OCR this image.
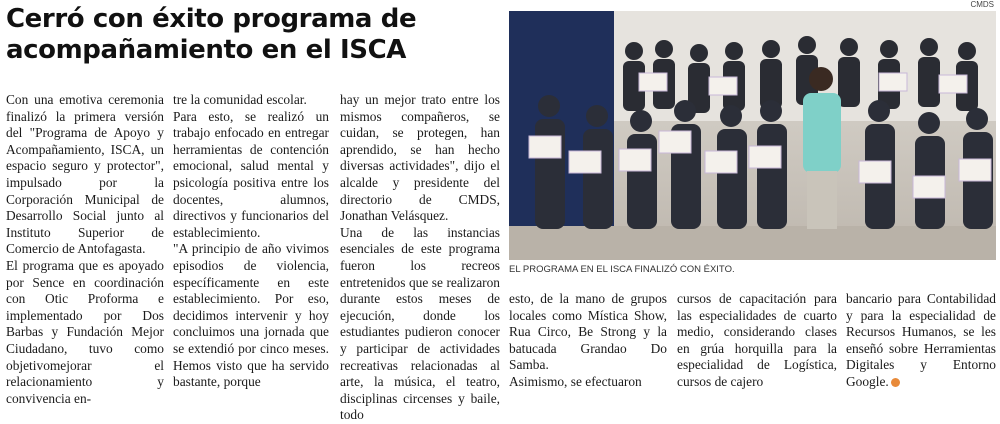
Cerró con éxito programa de acompañamiento en el ISCA

Con una emotiva ceremonia finalizó la primera versión del "Programa de Apoyo y Acompañamiento, ISCA, un espacio seguro y protector", impulsado por la Corporación Municipal de Desarrollo Social junto al Instituto Superior de Comercio de Antofagasta.

El programa que es apoyado por Sence en coordinación con Otic Proforma e implementado por Dos Barbas y Fundación Mejor Ciudadano, tuvo como objetivomejorar el relacionamiento y convivencia en-

tre la comunidad escolar.

Para esto, se realizó un trabajo enfocado en entregar herramientas de contención emocional, salud mental y psicología positiva entre los docentes, alumnos, directivos y funcionarios del establecimiento.

"A principio de año vivimos episodios de violencia, específicamente en este establecimiento. Por eso, decidimos intervenir y hoy concluimos una jornada que se extendió por cinco meses. Hemos visto que ha servido bastante, porque

hay un mejor trato entre los mismos compañeros, se cuidan, se protegen, han aprendido, se han hecho diversas actividades", dijo el alcalde y presidente del directorio de CMDS, Jonathan Velásquez.

Una de las instancias esenciales de este programa fueron los recreos entretenidos que se realizaron durante estos meses de ejecución, donde los estudiantes pudieron conocer y participar de actividades recreativas relacionadas al arte, la música, el teatro, disciplinas circenses y baile, todo

CMDS
EL PROGRAMA EN EL ISCA FINALIZÓ CON ÉXITO.

esto, de la mano de grupos locales como Mística Show, Rua Circo, Be Strong y la batucada Grandao Do Samba.

Asimismo, se efectuaron

cursos de capacitación para las especialidades de cuarto medio, considerando clases en grúa horquilla para la especialidad de Logística, cursos de cajero

bancario para Contabilidad y para la especialidad de Recursos Humanos, se les enseñó sobre Herramientas Digitales y Entorno Google.
